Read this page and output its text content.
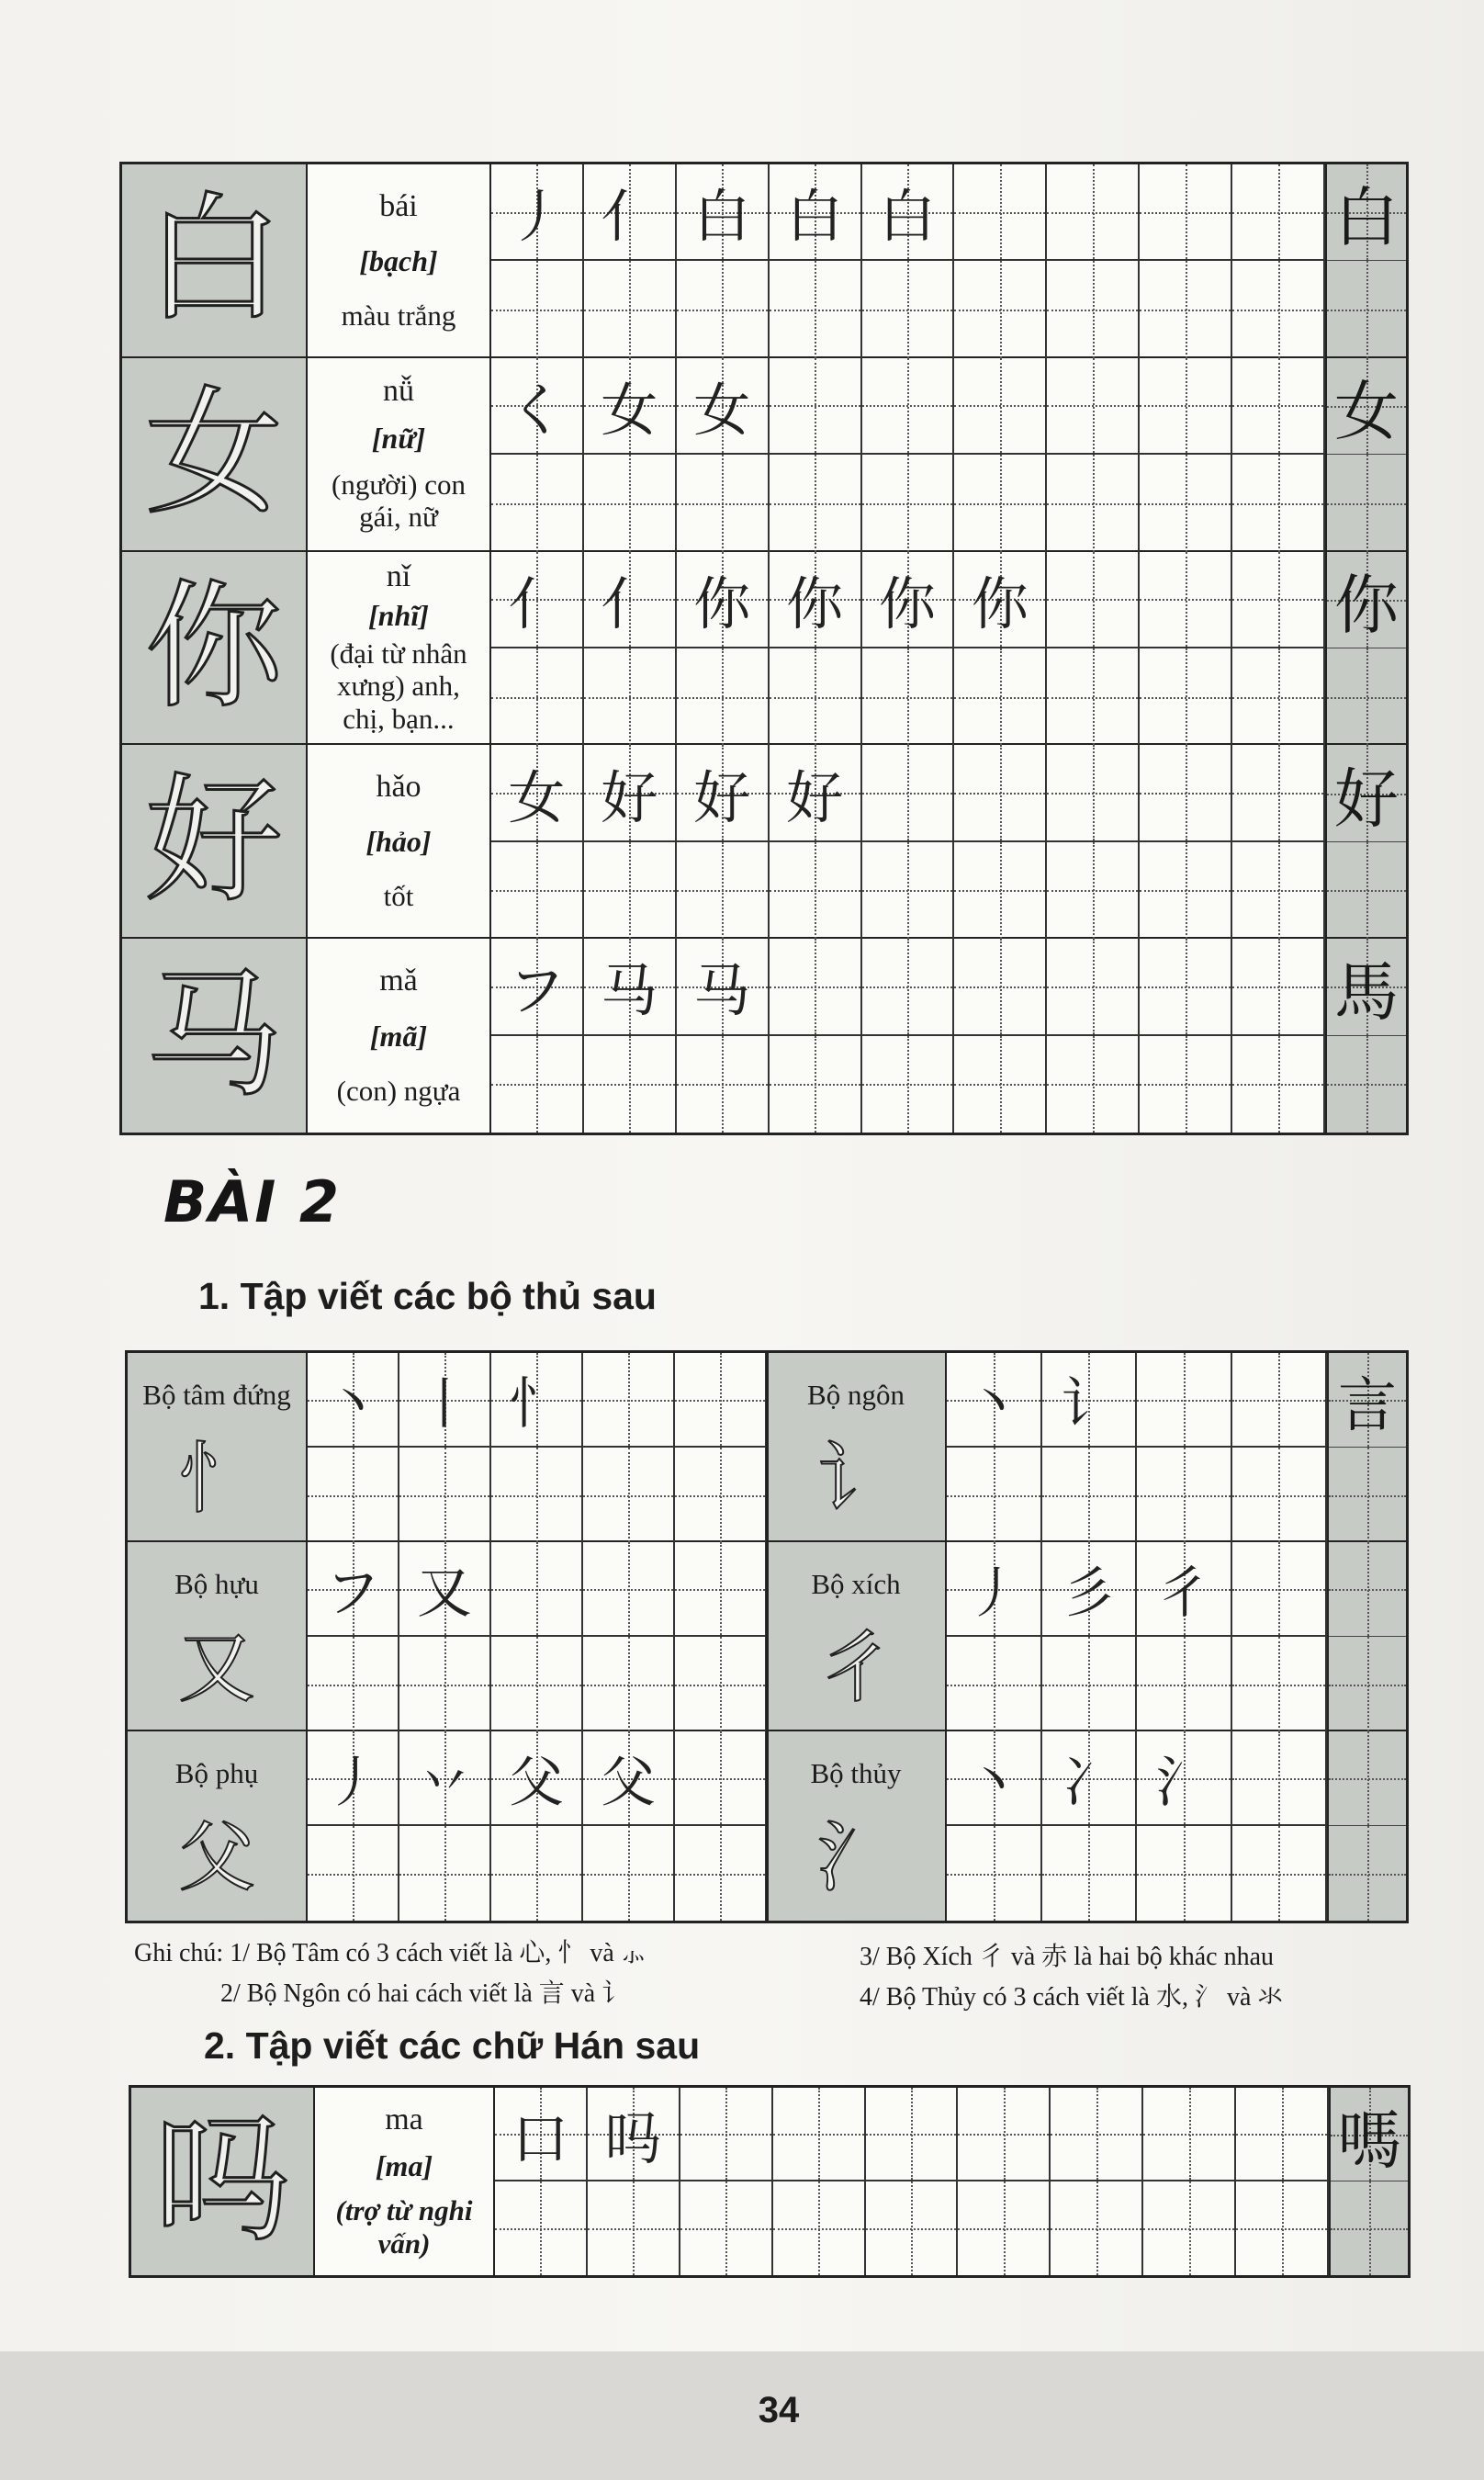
白	bái
[bạch]
màu trắng
丿 亻 白 白 白	白
女	nǚ
[nữ]
(người) con gái, nữ
く 女 女	女
你	nǐ
[nhĩ]
(đại từ nhân xưng) anh, chị, bạn...
亻 亻 你 你 你 你	你
好	hǎo
[hảo]
tốt
女 好 好 好	好
马	mǎ
[mã]
(con) ngựa
フ 马 马	馬
BÀI 2
1. Tập viết các bộ thủ sau
Bộ tâm đứng
忄
丶 丨 忄
Bộ hựu
又
フ 又
Bộ phụ
父
丿 丷 父 父
Bộ ngôn
讠
丶 讠	言
Bộ xích
彳
丿 彡 彳
Bộ thủy
氵
丶 冫 氵
Ghi chú: 1/ Bộ Tâm có 3 cách viết là 心, 忄 và ⺗
2/ Bộ Ngôn có hai cách viết là 言 và 讠
3/ Bộ Xích 彳 và 赤 là hai bộ khác nhau
4/ Bộ Thủy có 3 cách viết là 水, 氵 và 氺
2. Tập viết các chữ Hán sau
吗	ma
[ma]
(trợ từ nghi vấn)
口 吗	嗎
34
